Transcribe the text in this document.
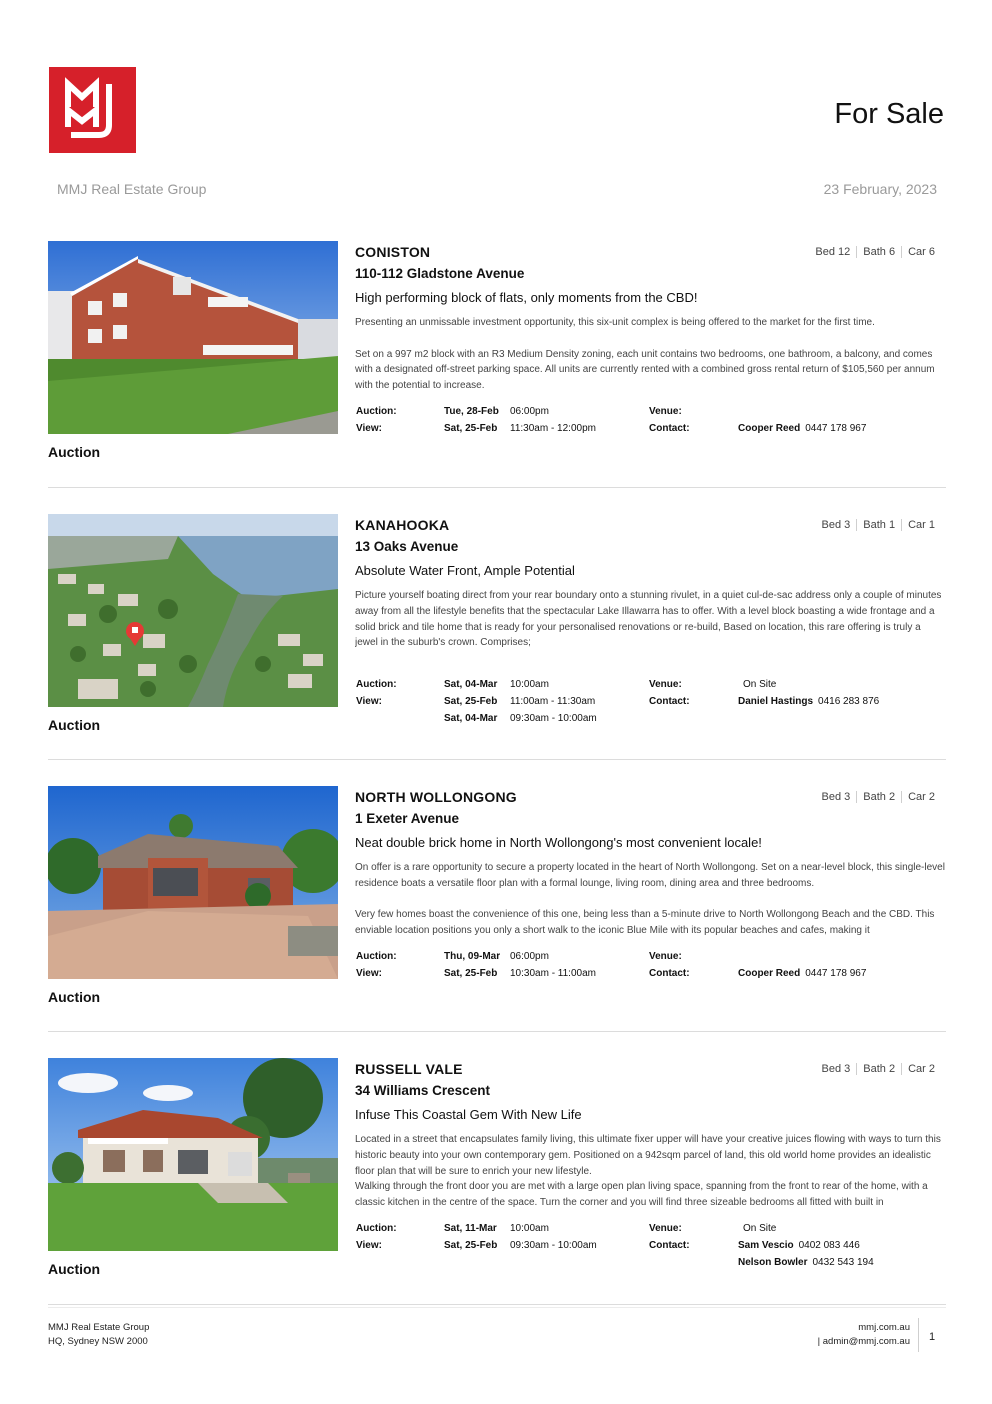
For Sale
MMJ Real Estate Group	23 February, 2023
Auction
Bed 12	Bath 6	Car 6
CONISTON
110-112 Gladstone Avenue
High performing block of flats, only moments from the CBD!

Presenting an unmissable investment opportunity, this six-unit complex is being offered to the market for the first time.

Set on a 997 m2 block with an R3 Medium Density zoning, each unit contains two bedrooms, one bathroom, a balcony, and comes with a designated off-street parking space. All units are currently rented with a combined gross rental return of $105,560 per annum with the potential to increase.

Auction:	Tue, 28-Feb 06:00pm	Venue:
View:	Sat, 25-Feb 11:30am - 12:00pm	Contact:	Cooper Reed 0447 178 967
Auction
Bed 3	Bath 1	Car 1
KANAHOOKA
13 Oaks Avenue
Absolute Water Front, Ample Potential

Picture yourself boating direct from your rear boundary onto a stunning rivulet, in a quiet cul-de-sac address only a couple of minutes away from all the lifestyle benefits that the spectacular Lake Illawarra has to offer. With a level block boasting a wide frontage and a solid brick and tile home that is ready for your personalised renovations or re-build, Based on location, this rare offering is truly a jewel in the suburb's crown. Comprises;

Auction:	Sat, 04-Mar 10:00am	Venue:	On Site
View:	Sat, 25-Feb 11:00am - 11:30am	Contact:	Daniel Hastings 0416 283 876
Sat, 04-Mar 09:30am - 10:00am
Auction
Bed 3	Bath 2	Car 2
NORTH WOLLONGONG
1 Exeter Avenue
Neat double brick home in North Wollongong's most convenient locale!

On offer is a rare opportunity to secure a property located in the heart of North Wollongong. Set on a near-level block, this single-level residence boats a versatile floor plan with a formal lounge, living room, dining area and three bedrooms.

Very few homes boast the convenience of this one, being less than a 5-minute drive to North Wollongong Beach and the CBD. This enviable location positions you only a short walk to the iconic Blue Mile with its popular beaches and cafes, making it

Auction:	Thu, 09-Mar 06:00pm	Venue:
View:	Sat, 25-Feb 10:30am - 11:00am	Contact:	Cooper Reed 0447 178 967
Auction
Bed 3	Bath 2	Car 2
RUSSELL VALE
34 Williams Crescent
Infuse This Coastal Gem With New Life

Located in a street that encapsulates family living, this ultimate fixer upper will have your creative juices flowing with ways to turn this historic beauty into your own contemporary gem. Positioned on a 942sqm parcel of land, this old world home provides an idealistic floor plan that will be sure to enrich your new lifestyle.

Walking through the front door you are met with a large open plan living space, spanning from the front to rear of the home, with a classic kitchen in the centre of the space. Turn the corner and you will find three sizeable bedrooms all fitted with built in

Auction:	Sat, 11-Mar 10:00am	Venue:	On Site
View:	Sat, 25-Feb 09:30am - 10:00am	Contact:	Sam Vescio 0402 083 446
Nelson Bowler 0432 543 194
MMJ Real Estate Group
HQ, Sydney NSW 2000
mmj.com.au
| admin@mmj.com.au 1
